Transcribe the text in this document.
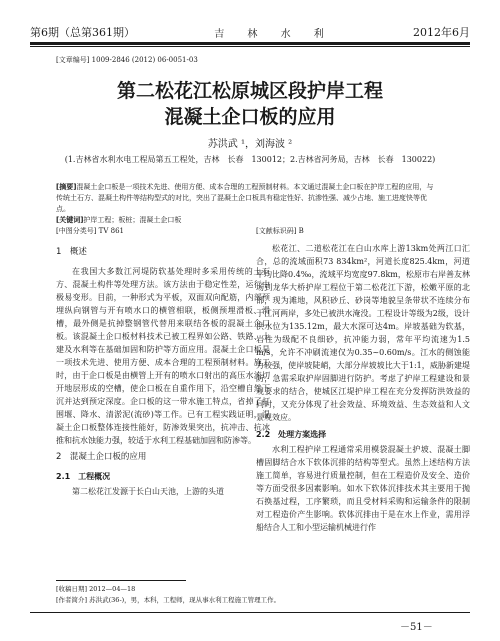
第6期（总第361期）	吉 林 水 利	2012年6月
[文章编号] 1009-2846 (2012) 06-0051-03
第二松花江松原城区段护岸工程
混凝土企口板的应用
苏洪武 ¹，刘海波 ²
(1.吉林省水利水电工程局第五工程处，吉林　长春　130012；2.吉林省河务局，吉林　长春　130022)

[摘要]混凝土企口板是一项技术先进、使用方便、成本合理的工程预制材料。本文通过混凝土企口板在护岸工程的应用，与传统土石方、混凝土构件等结构型式的对比，突出了混凝土企口板具有稳定性好、抗渗性强、减少占地、施工进度快等优点。

[关键词]护岸工程；板桩；混凝土企口板

[中图分类号] TV 861	[文献标识码] B

1　概述

在我国大多数江河堤防软基处理时多采用传统的土石方、混凝土构件等处理方法。该方法由于稳定性差，运行中极易变形。目前，一种形式为平板，双面双向配筋，内部预埋纵向钢管与开有喷水口的横管相联，板侧预埋滑板、滑槽，最外侧是抗掉整钢管代替用来联结各板的混凝土企口板。该混凝土企口板材料技术已被工程界如公路、铁路、土建及水利等在基础加固和防护等方面应用。混凝土企口板是一项技术先进、使用方便、成本合理的工程预制材料。施工时，由于企口板是由横管上开有的喷水口射出的高压水流切开地层形成的空槽，使企口板在自重作用下，沿空槽自然下沉并达到预定深度。企口板的这一带水施工特点，省掉了打围堰、降水、清淤泥(流砂)等工作。已有工程实践证明，混凝土企口板整体连接性能好，防渗效果突出，抗冲击、抗冰推和抗水蚀能力强，较适于水利工程基础加固和防渗等。

2　混凝土企口板的应用

2.1　工程概况

第二松花江发源于长白山天池，上游的头道

松花江、二道松花江在白山水库上游13km处两江口汇合，总的流域面积73 834km²，河道长度825.4km，河道平均比降0.4‰，流域平均宽度97.8km，松原市右岸善友林场到龙华大桥护岸工程位于第二松花江下游，松嫩平原的北部，现为滩地，风积砂丘、砂岗等地貌呈条带状不连续分布于江河两岸，多处已被洪水淹没。工程设计等级为2级，设计洪水位为135.12m，最大水深可达4m。岸坡基础为软基，岩性为级配不良细砂，抗冲能力弱，常年平均流速为1.5 m/s，允许不冲刷流速仅为0.35~0.60m/s。江水的侧蚀能力较强，使岸坡陡峭，大部分岸坡坡比大于1:1，威胁新建堤防，急需采取护岸固脚进行防护。考虑了护岸工程建设和景观要求的结合，使城区江堤护岸工程在充分发挥防洪效益的同时，又充分体现了社会效益、环境效益、生态效益和人文景观效应。

2.2　处理方案选择

水利工程护岸工程通常采用模袋混凝土护坡、混凝土脚槽固脚结合水下软体沉排的结构等型式。虽然上述结构方法施工简单，容易进行质量控制，但在工程造价及安全、造价等方面受很多因素影响。如水下软体沉排技术其主要用于抛石换基过程，工序繁琐，而且受材料采购和运输条件的限制对工程造价产生影响。软体沉排由于是在水上作业，需用浮船结合人工和小型运输机械进行作

[收稿日期] 2012—04—18
[作者简介] 苏洪武(36-)，男，本科，工程师，现从事水利工程施工管理工作。
－51－
